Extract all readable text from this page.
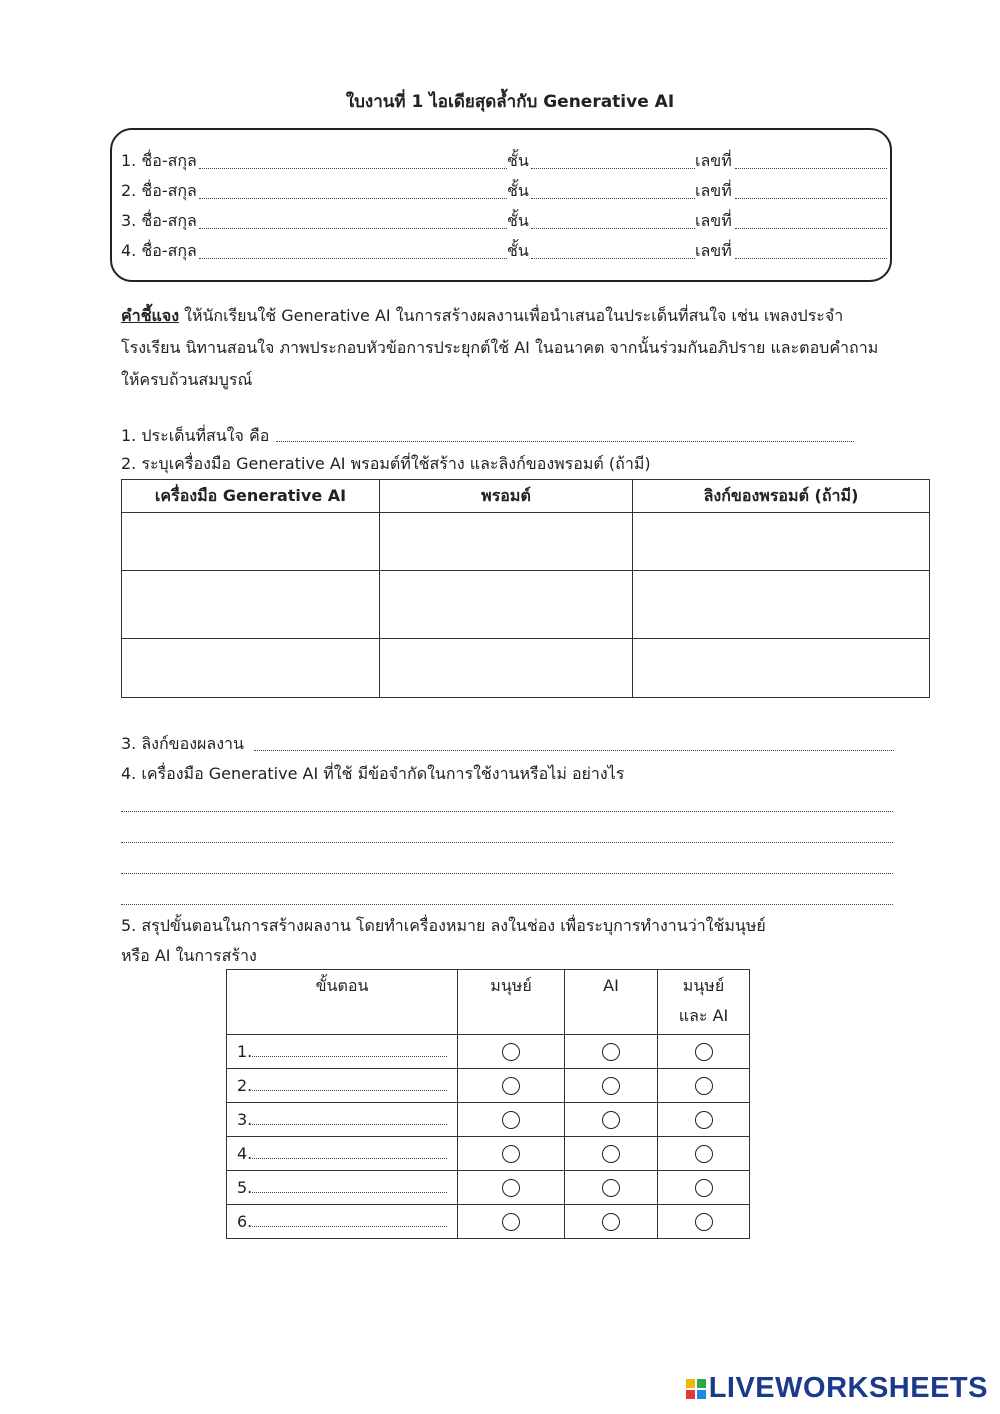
ใบงานที่ 1 ไอเดียสุดล้ำกับ Generative AI
1. ชื่อ-สกุล	ชั้น	เลขที่
2. ชื่อ-สกุล	ชั้น	เลขที่
3. ชื่อ-สกุล	ชั้น	เลขที่
4. ชื่อ-สกุล	ชั้น	เลขที่
คำชี้แจง ให้นักเรียนใช้ Generative AI ในการสร้างผลงานเพื่อนำเสนอในประเด็นที่สนใจ เช่น เพลงประจำโรงเรียน นิทานสอนใจ ภาพประกอบหัวข้อการประยุกต์ใช้ AI ในอนาคต จากนั้นร่วมกันอภิปราย และตอบคำถามให้ครบถ้วนสมบูรณ์
1. ประเด็นที่สนใจ คือ
2. ระบุเครื่องมือ Generative AI พรอมต์ที่ใช้สร้าง และลิงก์ของพรอมต์ (ถ้ามี)
เครื่องมือ Generative AI	พรอมต์	ลิงก์ของพรอมต์ (ถ้ามี)

3. ลิงก์ของผลงาน
4. เครื่องมือ Generative AI ที่ใช้ มีข้อจำกัดในการใช้งานหรือไม่ อย่างไร
5. สรุปขั้นตอนในการสร้างผลงาน โดยทำเครื่องหมาย ลงในช่อง เพื่อระบุการทำงานว่าใช้มนุษย์
หรือ AI ในการสร้าง
ขั้นตอน	มนุษย์	AI	มนุษย์
และ AI
1.			
2.			
3.			
4.			
5.			
6.			
LIVEWORKSHEETS
